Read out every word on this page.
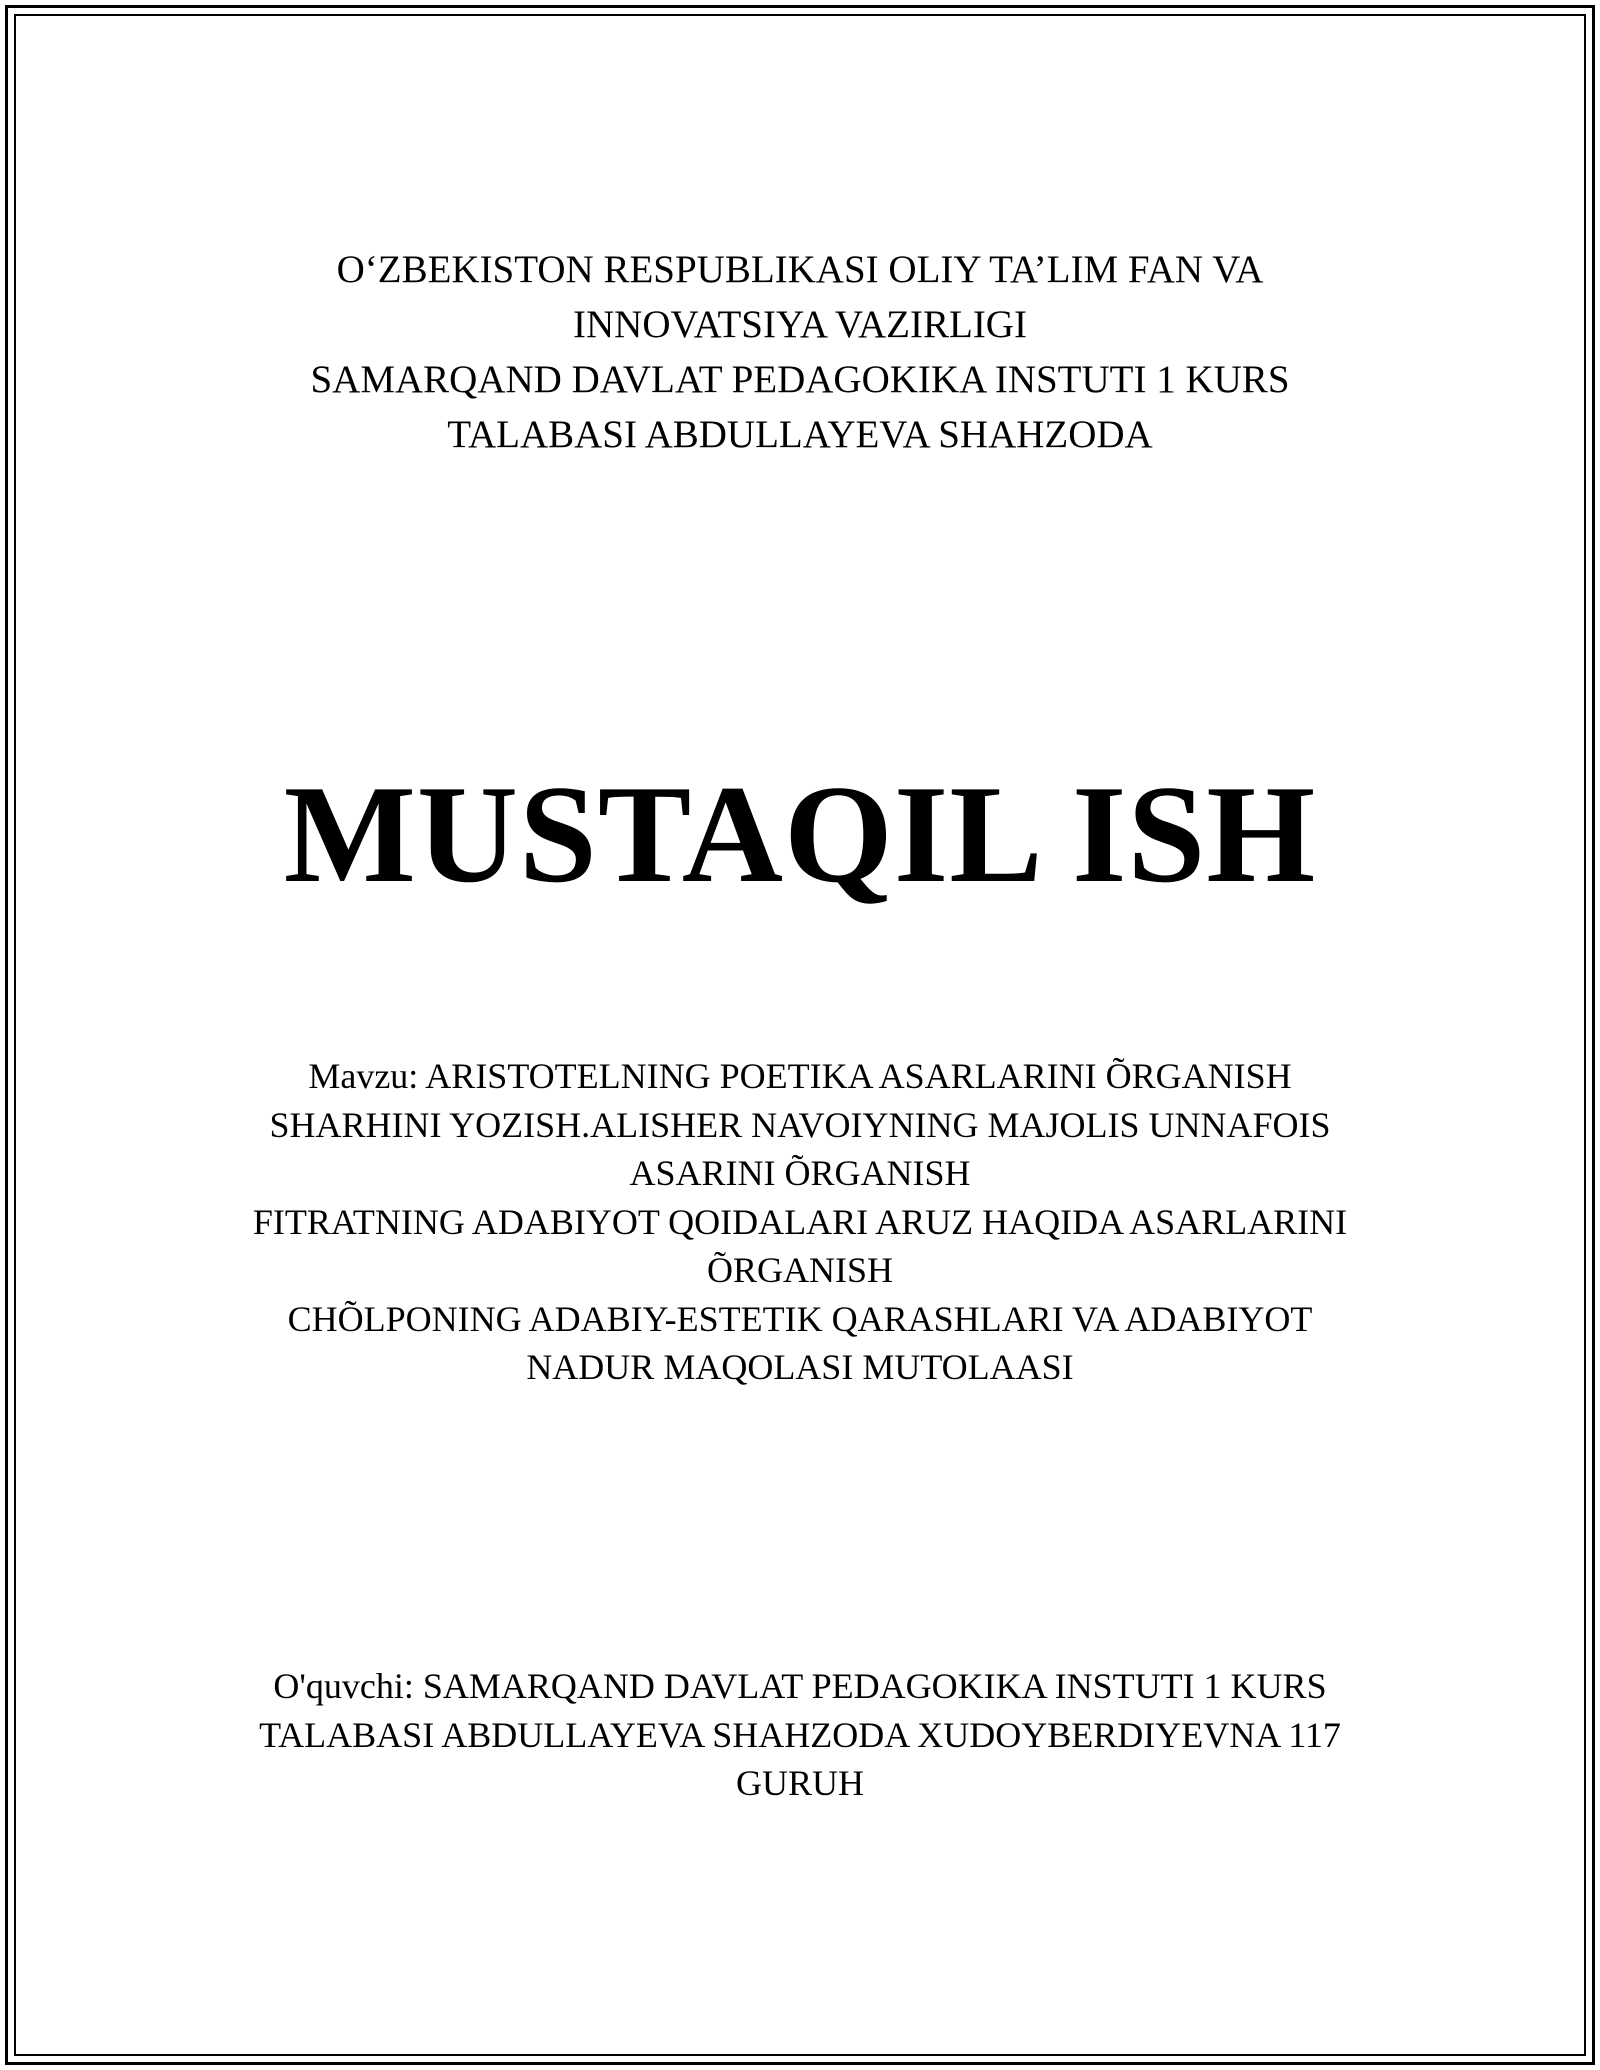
O‘ZBEKISTON RESPUBLIKASI OLIY TA’LIM FAN VA
INNOVATSIYA VAZIRLIGI
SAMARQAND DAVLAT PEDAGOKIKA INSTUTI 1 KURS
TALABASI ABDULLAYEVA SHAHZODA
MUSTAQIL ISH
Mavzu: ARISTOTELNING POETIKA ASARLARINI ÕRGANISH
SHARHINI YOZISH.ALISHER NAVOIYNING MAJOLIS UNNAFOIS
ASARINI ÕRGANISH
FITRATNING ADABIYOT QOIDALARI ARUZ HAQIDA ASARLARINI
ÕRGANISH
CHÕLPONING ADABIY-ESTETIK QARASHLARI VA ADABIYOT
NADUR MAQOLASI MUTOLAASI
O'quvchi: SAMARQAND DAVLAT PEDAGOKIKA INSTUTI 1 KURS
TALABASI ABDULLAYEVA SHAHZODA XUDOYBERDIYEVNA 117
GURUH
